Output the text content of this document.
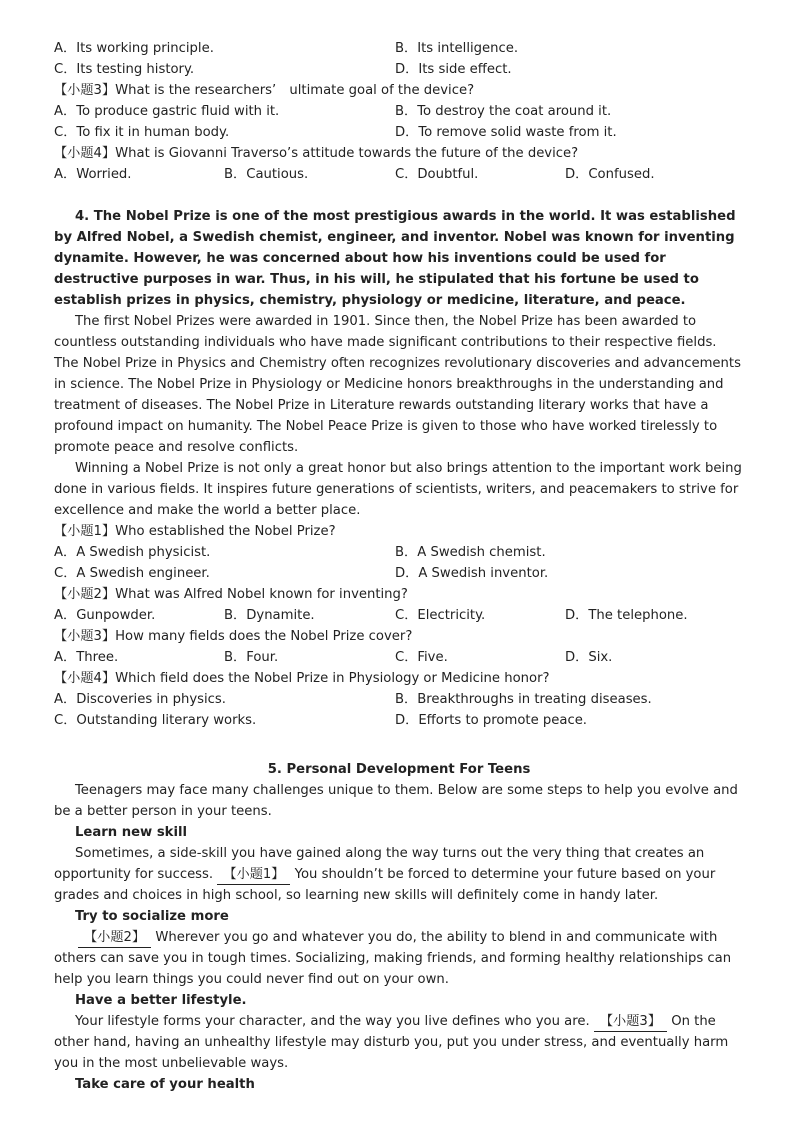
A．Its working principle.	B．Its intelligence.
C．Its testing history.	D．Its side effect.
【小题3】What is the researchers’　ultimate goal of the device?
A．To produce gastric fluid with it.	B．To destroy the coat around it.
C．To fix it in human body.	D．To remove solid waste from it.
【小题4】What is Giovanni Traverso’s attitude towards the future of the device?
A．Worried.	B．Cautious.	C．Doubtful.	D．Confused.

4. The Nobel Prize is one of the most prestigious awards in the world. It was established by Alfred Nobel, a Swedish chemist, engineer, and inventor. Nobel was known for inventing dynamite. However, he was concerned about how his inventions could be used for destructive purposes in war. Thus, in his will, he stipulated that his fortune be used to establish prizes in physics, chemistry, physiology or medicine, literature, and peace.

The first Nobel Prizes were awarded in 1901. Since then, the Nobel Prize has been awarded to countless outstanding individuals who have made significant contributions to their respective fields. The Nobel Prize in Physics and Chemistry often recognizes revolutionary discoveries and advancements in science. The Nobel Prize in Physiology or Medicine honors breakthroughs in the understanding and treatment of diseases. The Nobel Prize in Literature rewards outstanding literary works that have a profound impact on humanity. The Nobel Peace Prize is given to those who have worked tirelessly to promote peace and resolve conflicts.

Winning a Nobel Prize is not only a great honor but also brings attention to the important work being done in various fields. It inspires future generations of scientists, writers, and peacemakers to strive for excellence and make the world a better place.

【小题1】Who established the Nobel Prize?
A．A Swedish physicist.	B．A Swedish chemist.
C．A Swedish engineer.	D．A Swedish inventor.
【小题2】What was Alfred Nobel known for inventing?
A．Gunpowder.	B．Dynamite.	C．Electricity.	D．The telephone.
【小题3】How many fields does the Nobel Prize cover?
A．Three.	B．Four.	C．Five.	D．Six.
【小题4】Which field does the Nobel Prize in Physiology or Medicine honor?
A．Discoveries in physics.	B．Breakthroughs in treating diseases.
C．Outstanding literary works.	D．Efforts to promote peace.
5. Personal Development For Teens

Teenagers may face many challenges unique to them. Below are some steps to help you evolve and be a better person in your teens.

Learn new skill

Sometimes, a side-skill you have gained along the way turns out the very thing that creates an opportunity for success. 【小题1】 You shouldn’t be forced to determine your future based on your grades and choices in high school, so learning new skills will definitely come in handy later.

Try to socialize more

【小题2】 Wherever you go and whatever you do, the ability to blend in and communicate with others can save you in tough times. Socializing, making friends, and forming healthy relationships can help you learn things you could never find out on your own.

Have a better lifestyle.

Your lifestyle forms your character, and the way you live defines who you are. 【小题3】 On the other hand, having an unhealthy lifestyle may disturb you, put you under stress, and eventually harm you in the most unbelievable ways.

Take care of your health
